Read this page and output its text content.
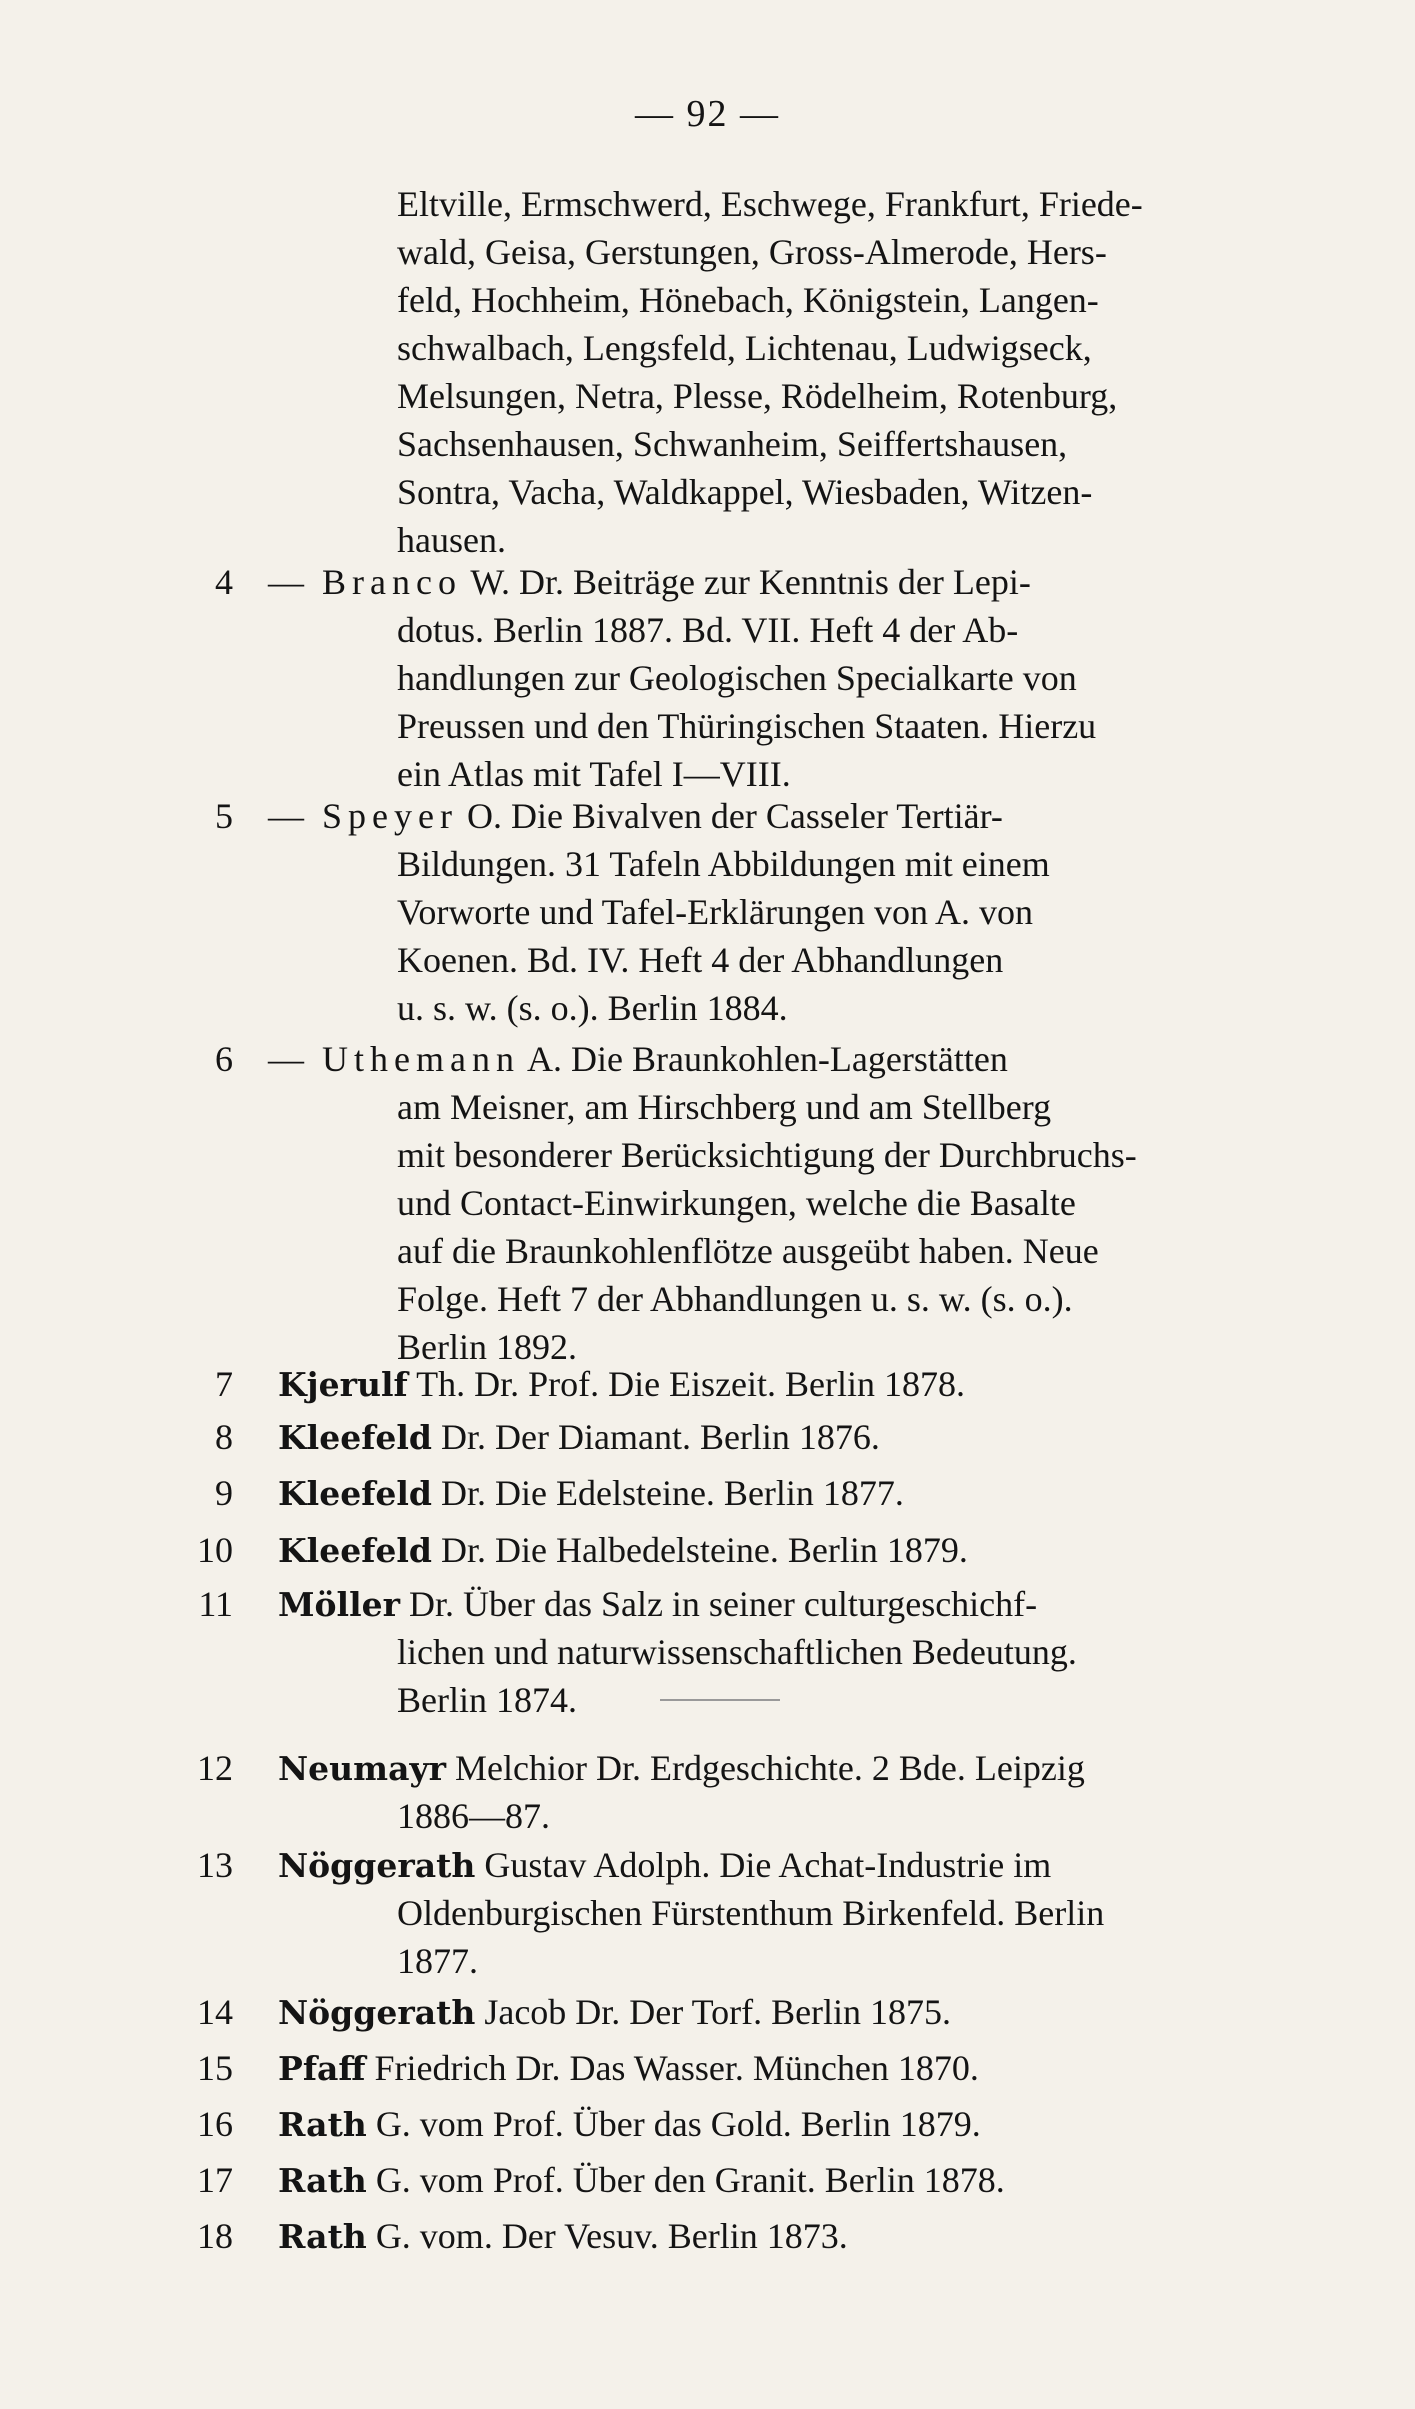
— 92 —
Eltville, Ermschwerd, Eschwege, Frankfurt, Friede-
wald, Geisa, Gerstungen, Gross-Almerode, Hers-
feld, Hochheim, Hönebach, Königstein, Langen-
schwalbach, Lengsfeld, Lichtenau, Ludwigseck,
Melsungen, Netra, Plesse, Rödelheim, Rotenburg,
Sachsenhausen, Schwanheim, Seiffertshausen,
Sontra, Vacha, Waldkappel, Wiesbaden, Witzen-
hausen.
4 — Branco W. Dr. Beiträge zur Kenntnis der Lepi-
dotus. Berlin 1887. Bd. VII. Heft 4 der Ab-
handlungen zur Geologischen Specialkarte von
Preussen und den Thüringischen Staaten. Hierzu
ein Atlas mit Tafel I—VIII.
5 — Speyer O. Die Bivalven der Casseler Tertiär-
Bildungen. 31 Tafeln Abbildungen mit einem
Vorworte und Tafel-Erklärungen von A. von
Koenen. Bd. IV. Heft 4 der Abhandlungen
u. s. w. (s. o.). Berlin 1884.
6 — Uthemann A. Die Braunkohlen-Lagerstätten
am Meisner, am Hirschberg und am Stellberg
mit besonderer Berücksichtigung der Durchbruchs-
und Contact-Einwirkungen, welche die Basalte
auf die Braunkohlenflötze ausgeübt haben. Neue
Folge. Heft 7 der Abhandlungen u. s. w. (s. o.).
Berlin 1892.
7 Kjerulf Th. Dr. Prof. Die Eiszeit. Berlin 1878.
8 Kleefeld Dr. Der Diamant. Berlin 1876.
9 Kleefeld Dr. Die Edelsteine. Berlin 1877.
10 Kleefeld Dr. Die Halbedelsteine. Berlin 1879.
11 Möller Dr. Über das Salz in seiner culturgeschichf-
lichen und naturwissenschaftlichen Bedeutung.
Berlin 1874.
12 Neumayr Melchior Dr. Erdgeschichte. 2 Bde. Leipzig
1886—87.
13 Nöggerath Gustav Adolph. Die Achat-Industrie im
Oldenburgischen Fürstenthum Birkenfeld. Berlin
1877.
14 Nöggerath Jacob Dr. Der Torf. Berlin 1875.
15 Pfaff Friedrich Dr. Das Wasser. München 1870.
16 Rath G. vom Prof. Über das Gold. Berlin 1879.
17 Rath G. vom Prof. Über den Granit. Berlin 1878.
18 Rath G. vom. Der Vesuv. Berlin 1873.
